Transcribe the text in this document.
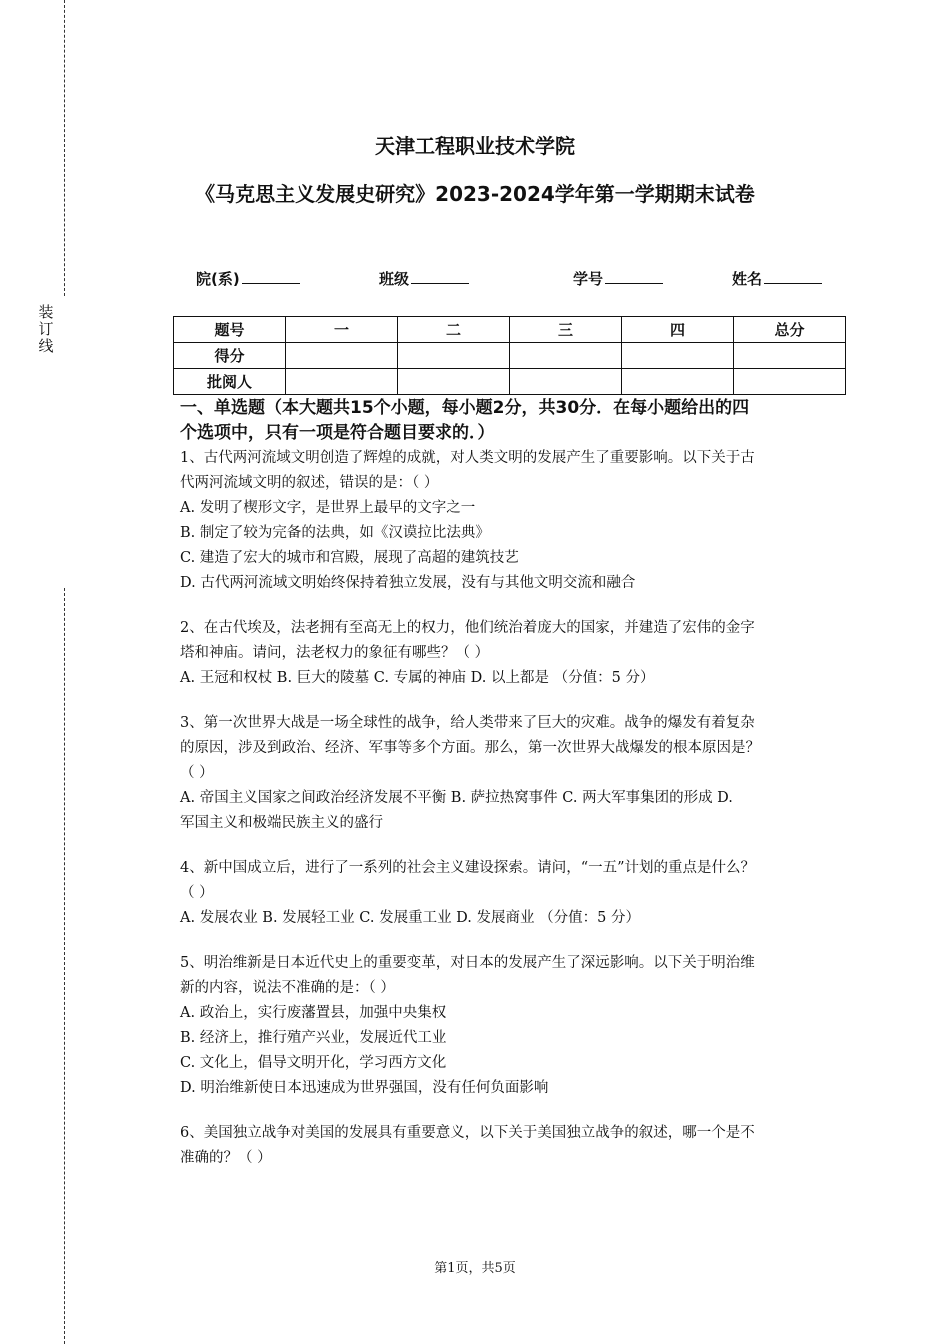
装
订
线
天津工程职业技术学院
《马克思主义发展史研究》2023-2024学年第一学期期末试卷
院(系)	班级	学号	姓名
题号	一	二	三	四	总分
得分					
批阅人					
一、单选题（本大题共15个小题，每小题2分，共30分．在每小题给出的四
个选项中，只有一项是符合题目要求的．）

1、古代两河流域文明创造了辉煌的成就，对人类文明的发展产生了重要影响。以下关于古

代两河流域文明的叙述，错误的是：（ ）

A. 发明了楔形文字，是世界上最早的文字之一

B. 制定了较为完备的法典，如《汉谟拉比法典》

C. 建造了宏大的城市和宫殿，展现了高超的建筑技艺

D. 古代两河流域文明始终保持着独立发展，没有与其他文明交流和融合

2、在古代埃及，法老拥有至高无上的权力，他们统治着庞大的国家，并建造了宏伟的金字

塔和神庙。请问，法老权力的象征有哪些？（ ）

A. 王冠和权杖 B. 巨大的陵墓 C. 专属的神庙 D. 以上都是 （分值：5 分）

3、第一次世界大战是一场全球性的战争，给人类带来了巨大的灾难。战争的爆发有着复杂

的原因，涉及到政治、经济、军事等多个方面。那么，第一次世界大战爆发的根本原因是？

（ ）

A. 帝国主义国家之间政治经济发展不平衡 B. 萨拉热窝事件 C. 两大军事集团的形成 D.

军国主义和极端民族主义的盛行

4、新中国成立后，进行了一系列的社会主义建设探索。请问，“一五”计划的重点是什么？

（ ）

A. 发展农业 B. 发展轻工业 C. 发展重工业 D. 发展商业 （分值：5 分）

5、明治维新是日本近代史上的重要变革，对日本的发展产生了深远影响。以下关于明治维

新的内容，说法不准确的是：（ ）

A. 政治上，实行废藩置县，加强中央集权

B. 经济上，推行殖产兴业，发展近代工业

C. 文化上，倡导文明开化，学习西方文化

D. 明治维新使日本迅速成为世界强国，没有任何负面影响

6、美国独立战争对美国的发展具有重要意义，以下关于美国独立战争的叙述，哪一个是不

准确的？（ ）

第1页，共5页
